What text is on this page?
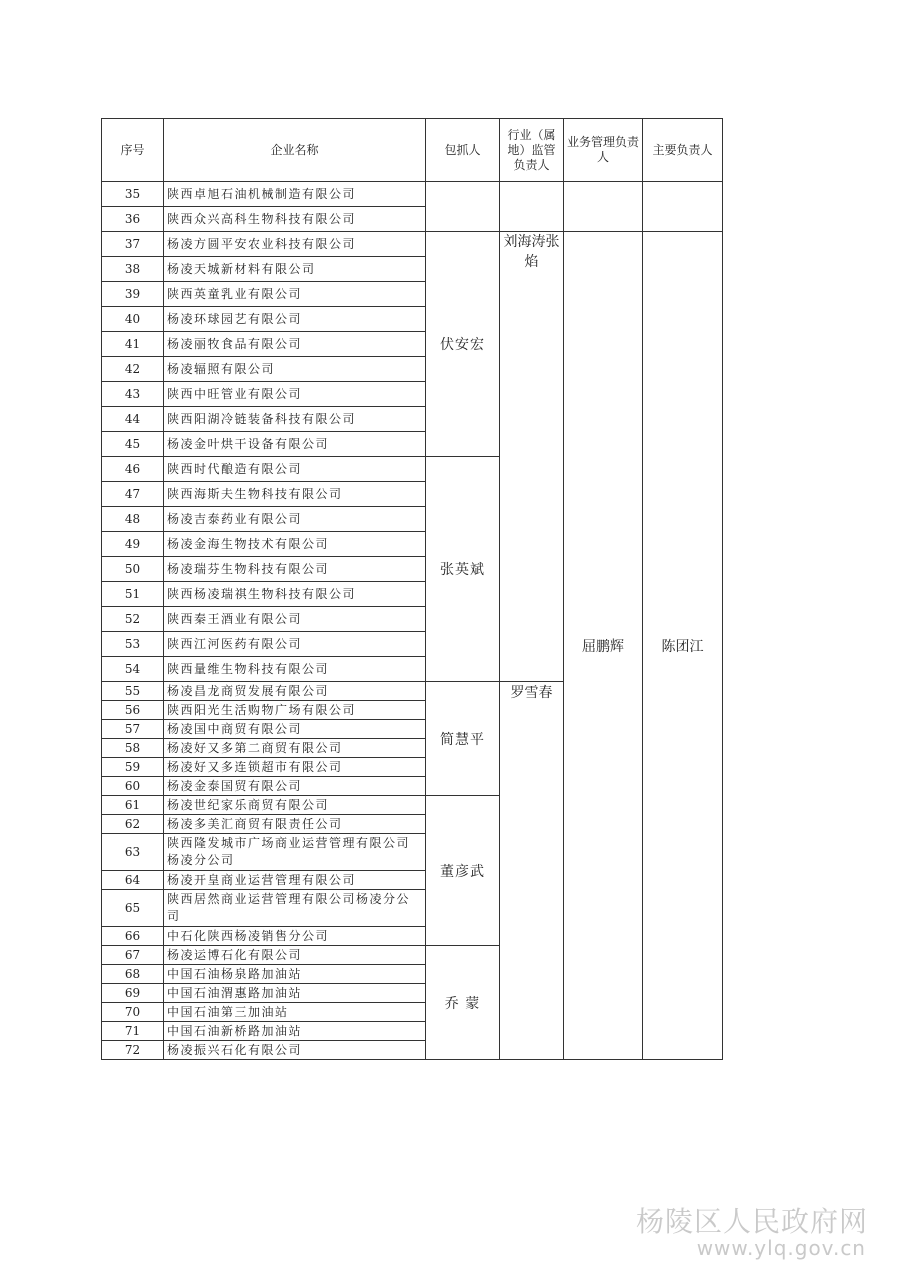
序号	企业名称	包抓人	行业（属地）监管负责人	业务管理负责人	主要负责人
35	陕西卓旭石油机械制造有限公司				
36	陕西众兴高科生物科技有限公司				
37	杨凌方圆平安农业科技有限公司	伏安宏	刘海涛张焰	屈鹏辉	陈团江
38	杨凌天城新材料有限公司				
39	陕西英童乳业有限公司				
40	杨凌环球园艺有限公司				
41	杨凌丽牧食品有限公司				
42	杨凌辐照有限公司				
43	陕西中旺管业有限公司				
44	陕西阳湖冷链装备科技有限公司				
45	杨凌金叶烘干设备有限公司				
46	陕西时代酿造有限公司	张英斌			
47	陕西海斯夫生物科技有限公司				
48	杨凌吉泰药业有限公司				
49	杨凌金海生物技术有限公司				
50	杨凌瑞芬生物科技有限公司				
51	陕西杨凌瑞祺生物科技有限公司				
52	陕西秦王酒业有限公司				
53	陕西江河医药有限公司				
54	陕西量维生物科技有限公司				
55	杨凌昌龙商贸发展有限公司	简慧平	罗雪春		
56	陕西阳光生活购物广场有限公司				
57	杨凌国中商贸有限公司				
58	杨凌好又多第二商贸有限公司				
59	杨凌好又多连锁超市有限公司				
60	杨凌金泰国贸有限公司				
61	杨凌世纪家乐商贸有限公司	董彦武			
62	杨凌多美汇商贸有限责任公司				
63	陕西隆发城市广场商业运营管理有限公司杨凌分公司				
64	杨凌开皇商业运营管理有限公司				
65	陕西居然商业运营管理有限公司杨凌分公司				
66	中石化陕西杨凌销售分公司				
67	杨凌运博石化有限公司	乔 蒙			
68	中国石油杨泉路加油站				
69	中国石油渭惠路加油站				
70	中国石油第三加油站				
71	中国石油新桥路加油站				
72	杨凌振兴石化有限公司				
杨陵区人民政府网
www.ylq.gov.cn
